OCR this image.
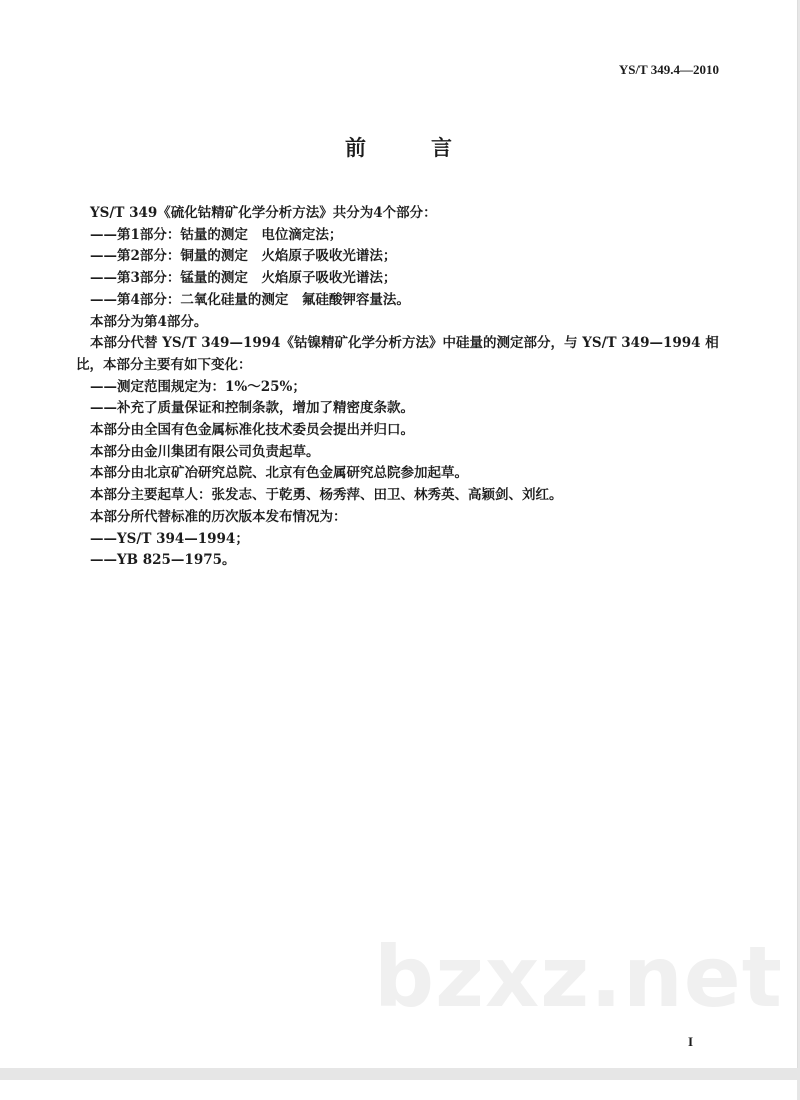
YS/T 349.4—2010
前　言

YS/T 349《硫化钴精矿化学分析方法》共分为4个部分：

——第1部分：钴量的测定　电位滴定法；

——第2部分：铜量的测定　火焰原子吸收光谱法；

——第3部分：锰量的测定　火焰原子吸收光谱法；

——第4部分：二氧化硅量的测定　氟硅酸钾容量法。

本部分为第4部分。

本部分代替 YS/T 349—1994《钴镍精矿化学分析方法》中硅量的测定部分，与 YS/T 349—1994 相

比，本部分主要有如下变化：

——测定范围规定为：1%～25%；

——补充了质量保证和控制条款，增加了精密度条款。

本部分由全国有色金属标准化技术委员会提出并归口。

本部分由金川集团有限公司负责起草。

本部分由北京矿冶研究总院、北京有色金属研究总院参加起草。

本部分主要起草人：张发志、于乾勇、杨秀萍、田卫、林秀英、高颖剑、刘红。

本部分所代替标准的历次版本发布情况为：

——YS/T 394—1994；

——YB 825—1975。

bzxz.net
I
